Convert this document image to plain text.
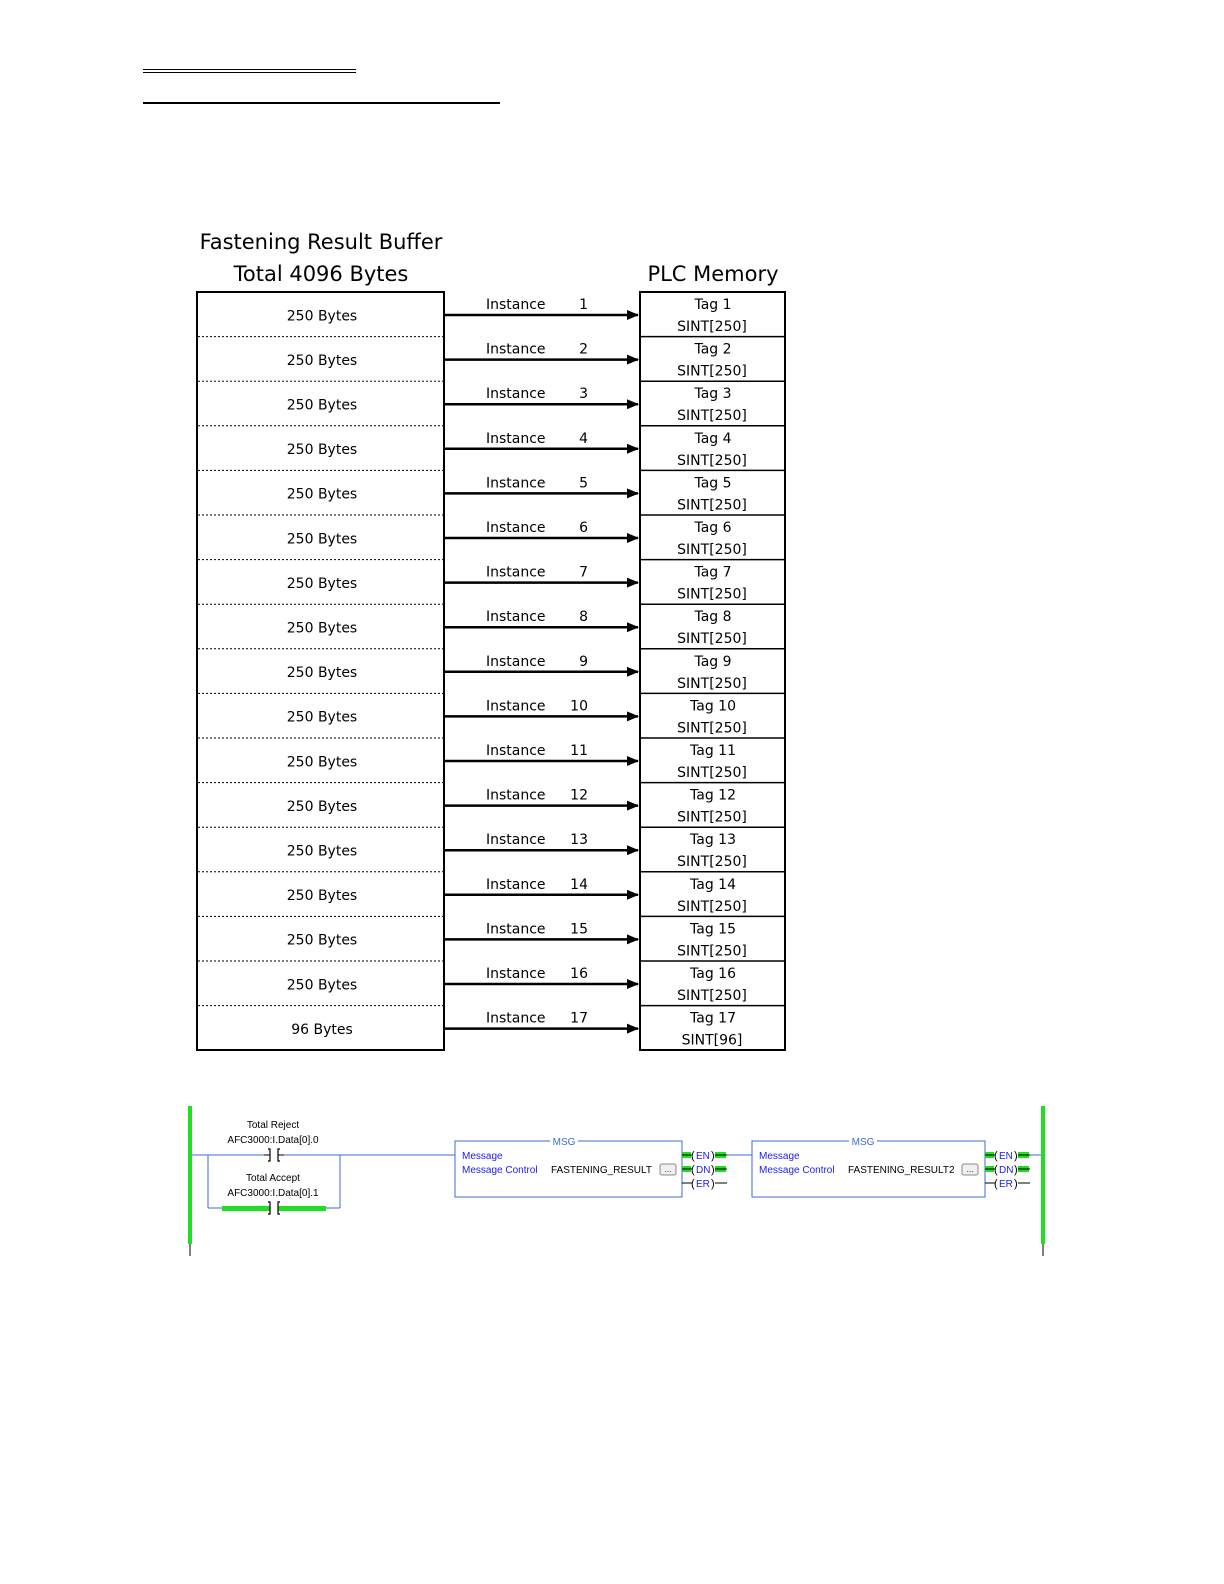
Fastening Result Buffer
Total 4096 Bytes	PLC Memory
250 Bytes
Instance 1	Tag 1
SINT[250]
250 Bytes
Instance 2	Tag 2
SINT[250]
250 Bytes
Instance 3	Tag 3
SINT[250]
250 Bytes
Instance 4	Tag 4
SINT[250]
250 Bytes
Instance 5	Tag 5
SINT[250]
250 Bytes
Instance 6	Tag 6
SINT[250]
250 Bytes
Instance 7	Tag 7
SINT[250]
250 Bytes
Instance 8	Tag 8
SINT[250]
250 Bytes
Instance 9	Tag 9
SINT[250]
250 Bytes
Instance 10	Tag 10
SINT[250]
250 Bytes
Instance 11	Tag 11
SINT[250]
250 Bytes
Instance 12	Tag 12
SINT[250]
250 Bytes
Instance 13	Tag 13
SINT[250]
250 Bytes
Instance 14	Tag 14
SINT[250]
250 Bytes
Instance 15	Tag 15
SINT[250]
250 Bytes
Instance 16	Tag 16
SINT[250]
96 Bytes
Instance 17	Tag 17
SINT[96]
Total Reject
AFC3000:I.Data[0].0
Total Accept
AFC3000:I.Data[0].1
MSG
Message
Message Control FASTENING_RESULT ...
MSG
Message
Message Control FASTENING_RESULT2 ...
( EN )
( DN )
( ER )
( EN )
( DN )
( ER )
